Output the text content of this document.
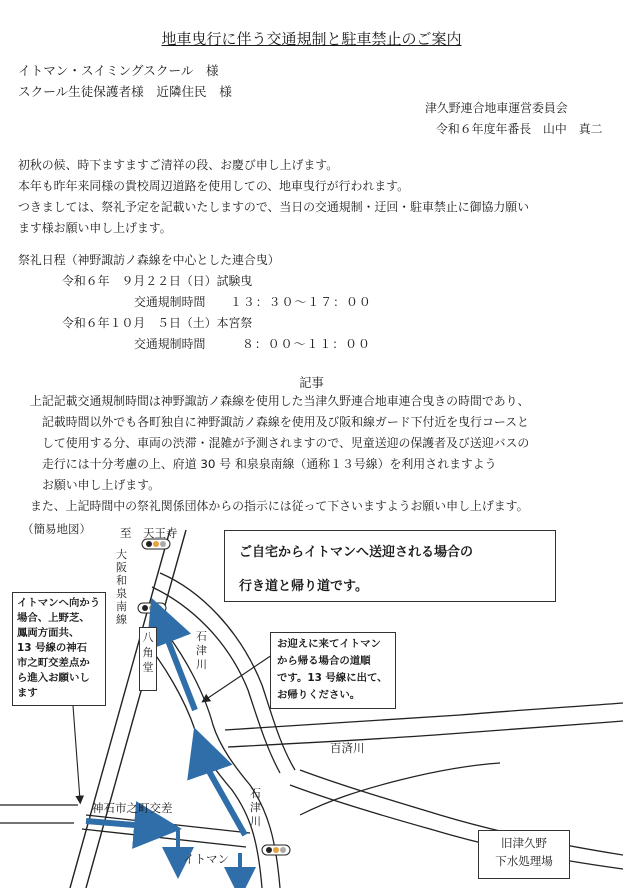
地車曳行に伴う交通規制と駐車禁止のご案内
イトマン・スイミングスクール　様
スクール生徒保護者様　近隣住民　様
津久野連合地車運営委員会
令和６年度年番長　山中　真二
初秋の候、時下ますますご清祥の段、お慶び申し上げます。
本年も昨年来同様の貴校周辺道路を使用しての、地車曳行が行われます。
つきましては、祭礼予定を記載いたしますので、当日の交通規制・迂回・駐車禁止に御協力願い
ます様お願い申し上げます。
祭礼日程（神野諏訪ノ森線を中心とした連合曳）
令和６年　９月２２日（日）試験曳
交通規制時間 １３：３０～１７：００
令和６年１０月　５日（土）本宮祭
交通規制時間	８：００～１１：００
記事
上記記載交通規制時間は神野諏訪ノ森線を使用した当津久野連合地車連合曳きの時間であり、
記載時間以外でも各町独自に神野諏訪ノ森線を使用及び阪和線ガード下付近を曳行コースと
して使用する分、車両の渋滞・混雑が予測されますので、児童送迎の保護者及び送迎バスの
走行には十分考慮の上、府道 30 号 和泉泉南線（通称１３号線）を利用されますよう
お願い申し上げます。
また、上記時間中の祭礼関係団体からの指示には従って下さいますようお願い申し上げます。
（簡易地図）	至　天王寺
大
阪
和
泉
南
線
八
角
堂
石
津
川
石
津
川
百済川
神石市之町交差
イトマン
ご自宅からイトマンへ送迎される場合の
行き道と帰り道です。
イトマンへ向かう
場合、上野芝、
鳳両方面共、
13 号線の神石
市之町交差点か
ら進入お願いし
ます
お迎えに来てイトマン
から帰る場合の道順
です。13 号線に出て、
お帰りください。
旧津久野
下水処理場
